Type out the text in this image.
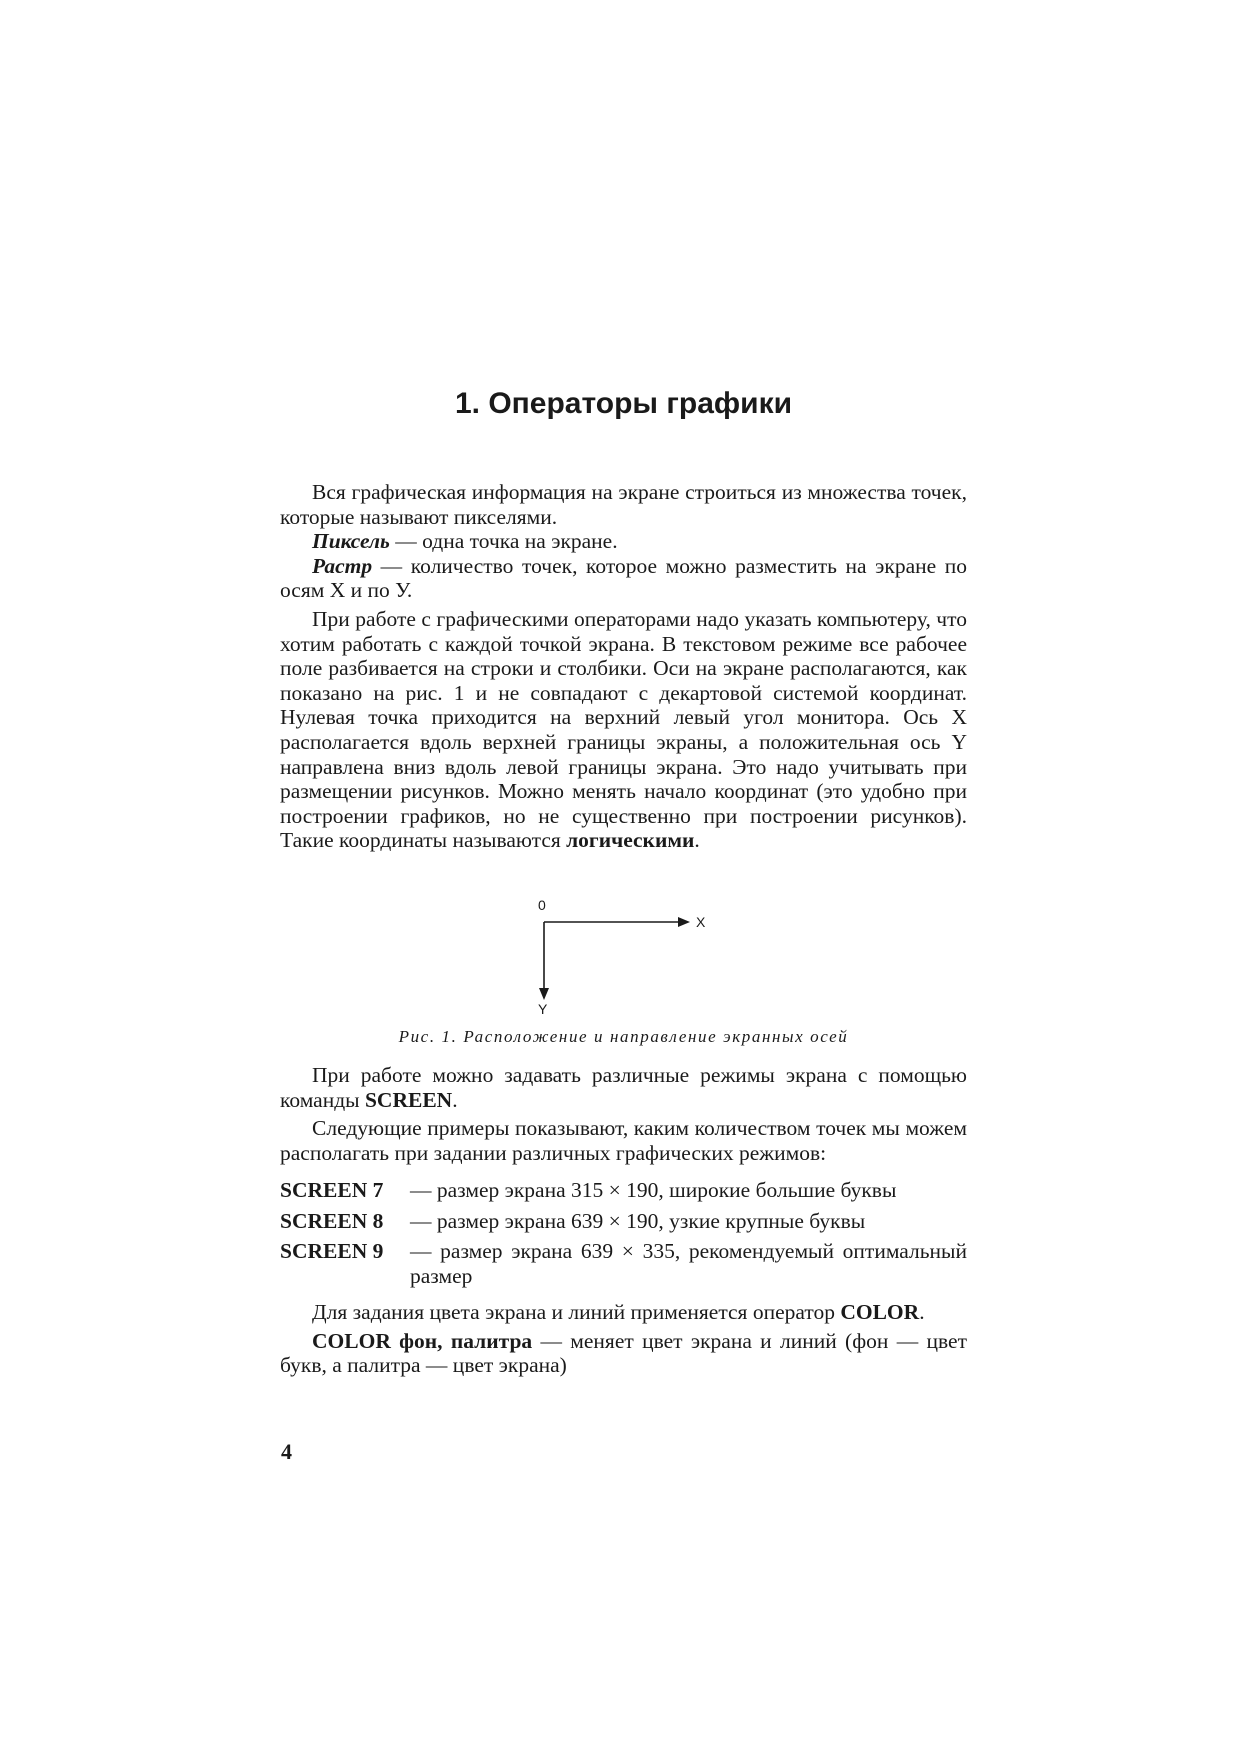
1. Операторы графики

Вся графическая информация на экране строиться из множества точек, которые называют пикселями.

Пиксель — одна точка на экране.

Растр — количество точек, которое можно разместить на экране по осям Х и по У.

При работе с графическими операторами надо указать компьютеру, что хотим работать с каждой точкой экрана. В текстовом режиме все рабочее поле разбивается на строки и столбики. Оси на экране располагаются, как показано на рис. 1 и не совпадают с декартовой системой координат. Нулевая точка приходится на верхний левый угол монитора. Ось Х располагается вдоль верхней границы экраны, а положительная ось Y направлена вниз вдоль левой границы экрана. Это надо учитывать при размещении рисунков. Можно менять начало координат (это удобно при построении графиков, но не существенно при построении рисунков). Такие координаты называются логическими.

0
X
Y
Рис. 1. Расположение и направление экранных осей

При работе можно задавать различные режимы экрана с помощью команды SCREEN.

Следующие примеры показывают, каким количеством точек мы можем располагать при задании различных графических режимов:

SCREEN 7 — размер экрана 315 × 190, широкие большие буквы
SCREEN 8 — размер экрана 639 × 190, узкие крупные буквы
SCREEN 9 — размер экрана 639 × 335, рекомендуемый оптимальный размер

Для задания цвета экрана и линий применяется оператор COLOR.

COLOR фон, палитра — меняет цвет экрана и линий (фон — цвет букв, а палитра — цвет экрана)

4
